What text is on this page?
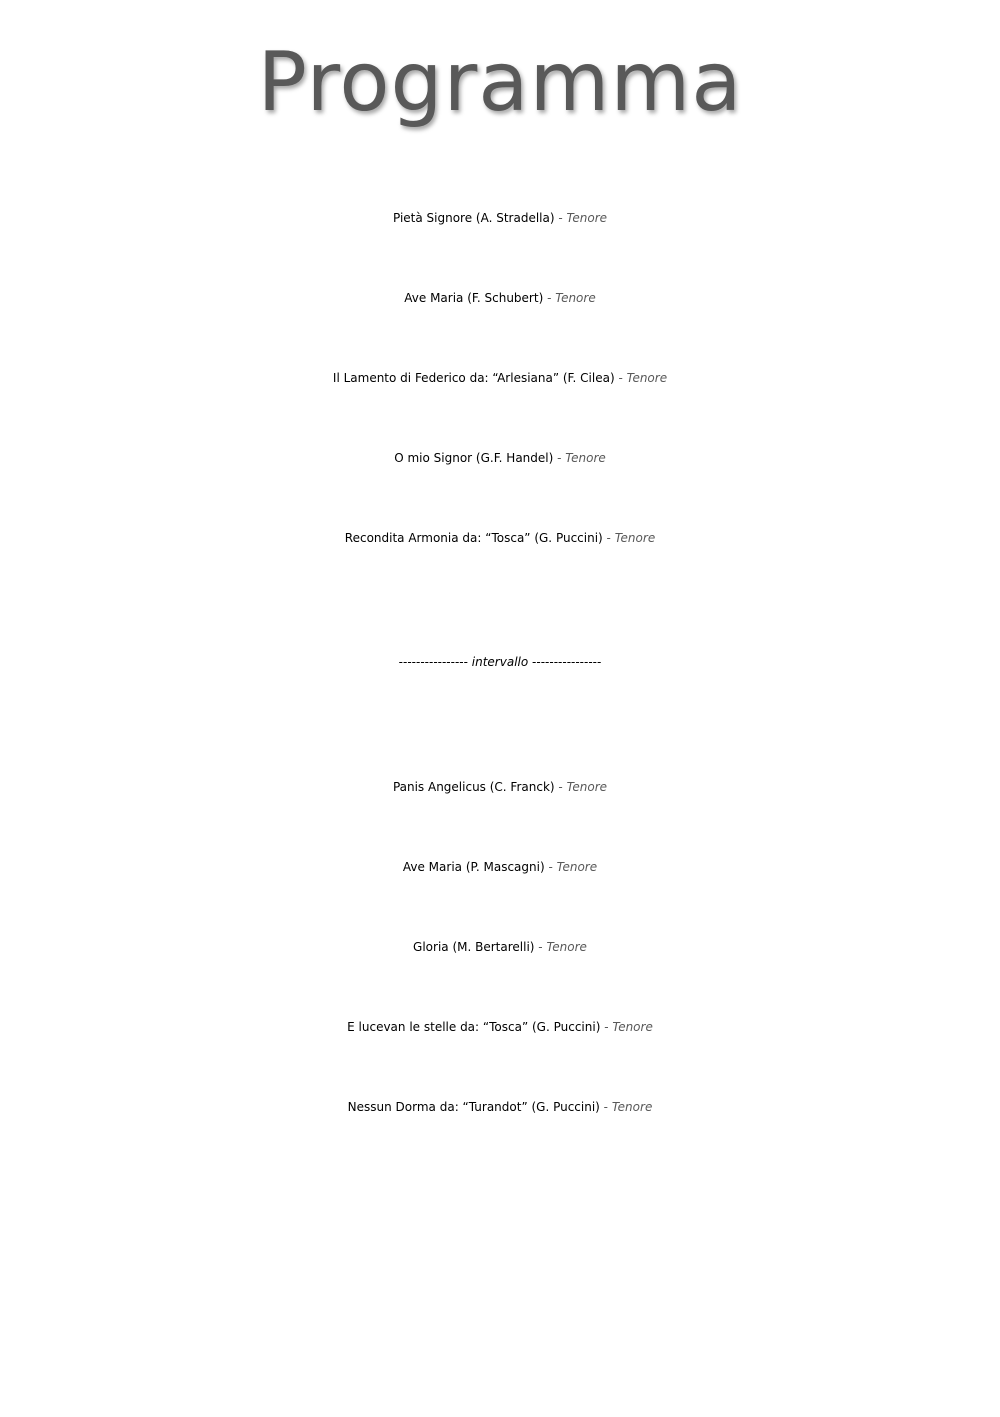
Programma
Pietà Signore (A. Stradella) - Tenore
Ave Maria (F. Schubert) - Tenore
Il Lamento di Federico da: “Arlesiana” (F. Cilea) - Tenore
O mio Signor (G.F. Handel) - Tenore
Recondita Armonia da: “Tosca” (G. Puccini) - Tenore
---------------- intervallo ----------------
Panis Angelicus (C. Franck) - Tenore
Ave Maria (P. Mascagni) - Tenore
Gloria (M. Bertarelli) - Tenore
E lucevan le stelle da: “Tosca” (G. Puccini) - Tenore
Nessun Dorma da: “Turandot” (G. Puccini) - Tenore
